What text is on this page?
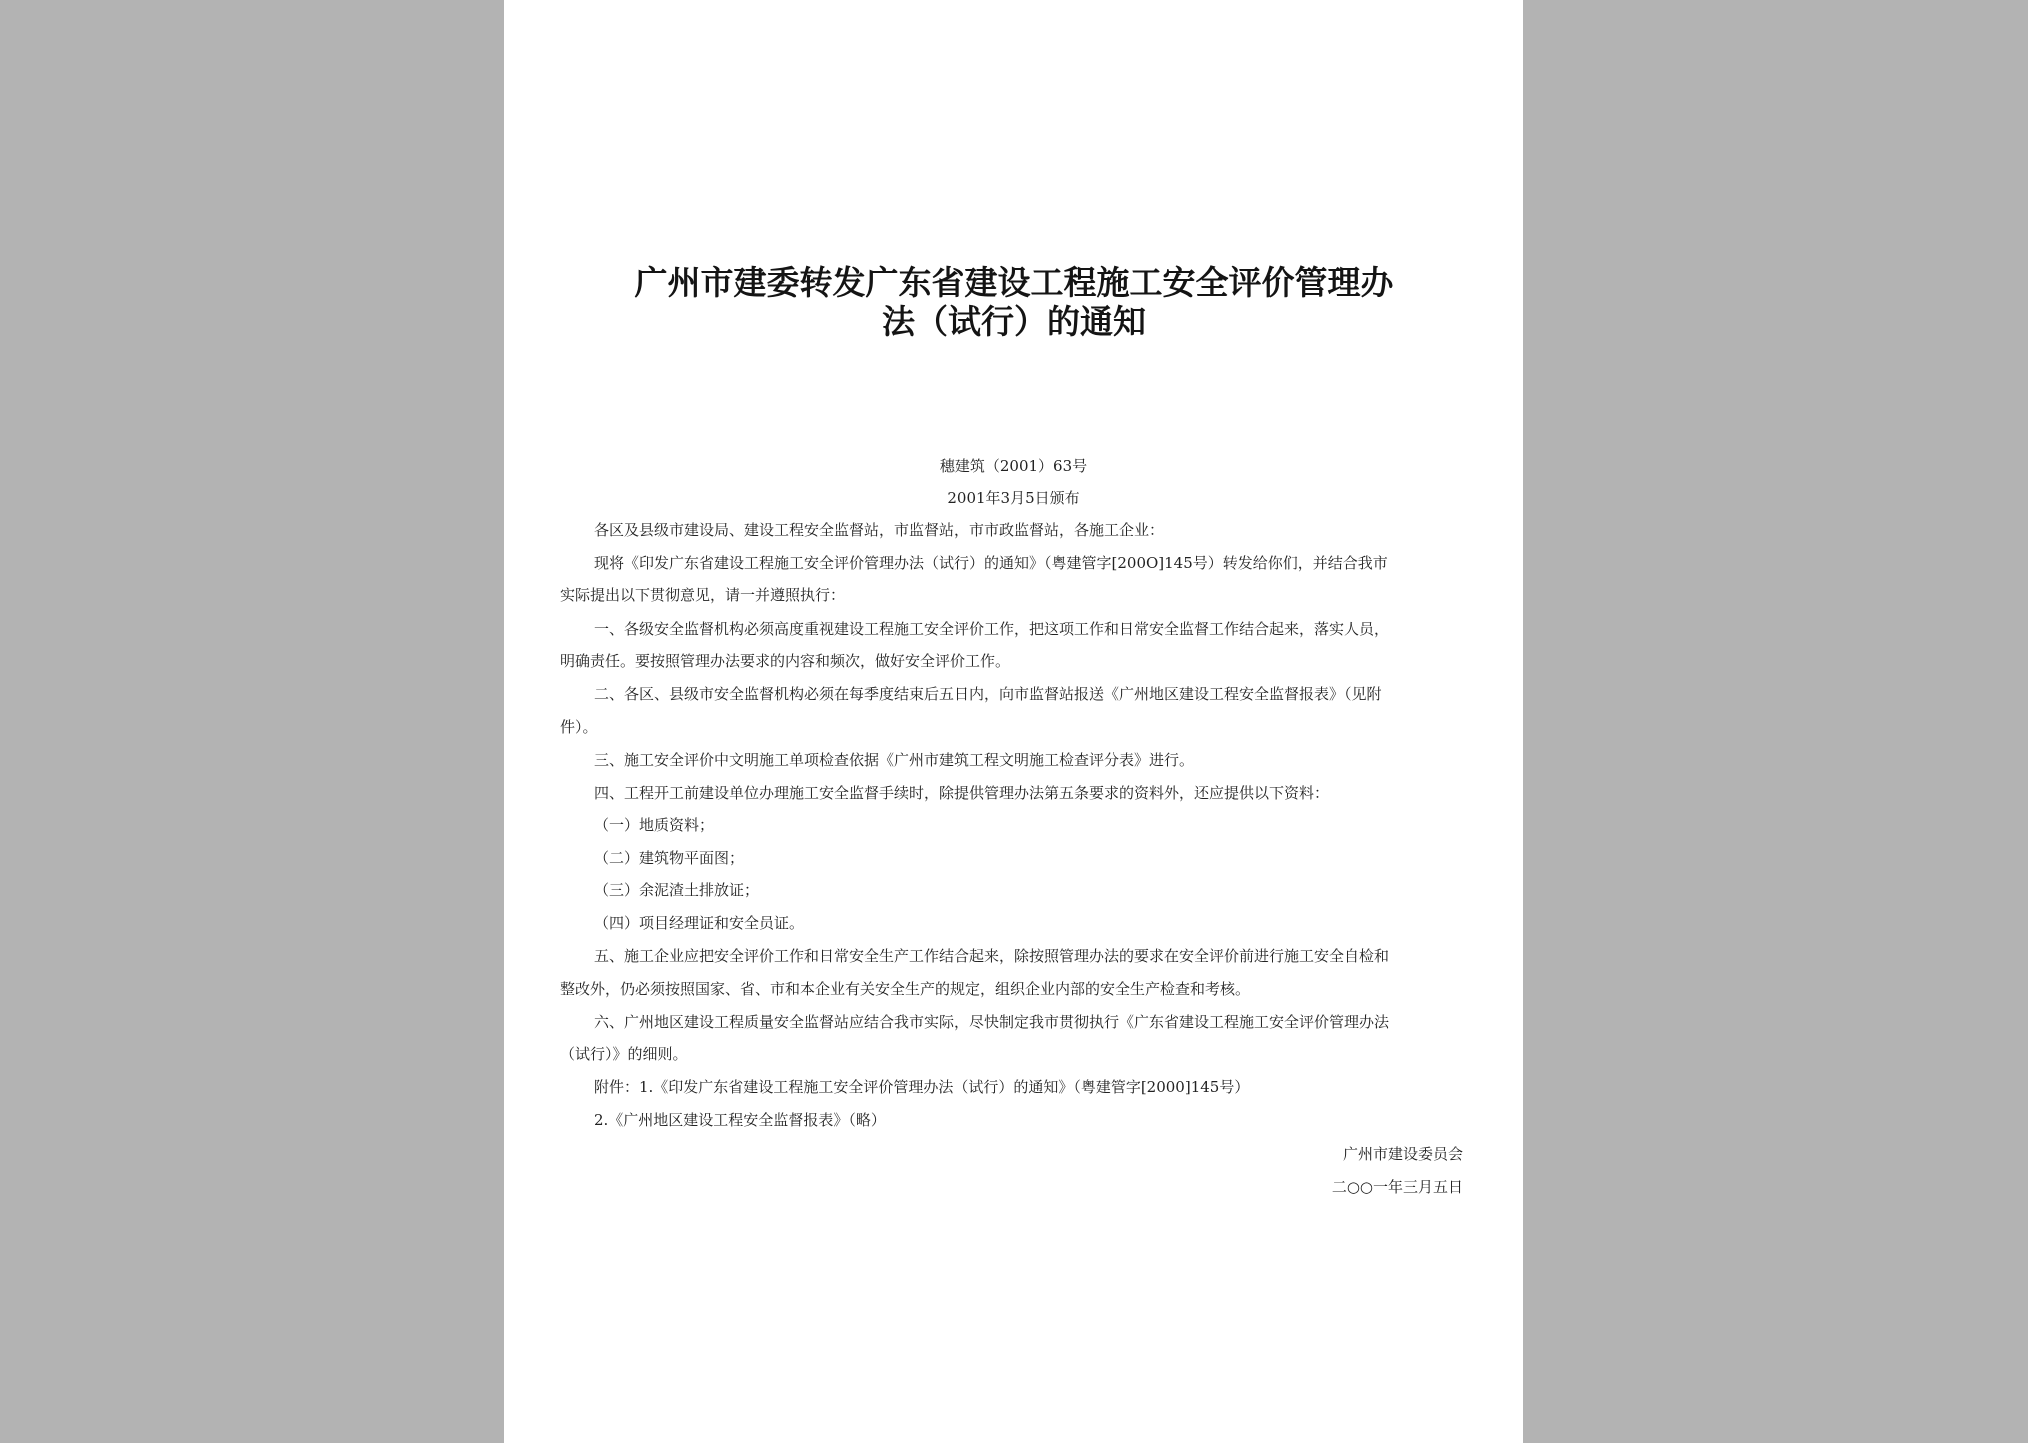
广州市建委转发广东省建设工程施工安全评价管理办
法（试行）的通知
穗建筑（2001）63号
2001年3月5日颁布
各区及县级市建设局、建设工程安全监督站，市监督站，市市政监督站，各施工企业：
现将《印发广东省建设工程施工安全评价管理办法（试行）的通知》（粤建管字[200O]145号）转发给你们，并结合我市
实际提出以下贯彻意见，请一并遵照执行：
一、各级安全监督机构必须高度重视建设工程施工安全评价工作，把这项工作和日常安全监督工作结合起来，落实人员，
明确责任。要按照管理办法要求的内容和频次，做好安全评价工作。
二、各区、县级市安全监督机构必须在每季度结束后五日内，向市监督站报送《广州地区建设工程安全监督报表》（见附
件）。
三、施工安全评价中文明施工单项检查依据《广州市建筑工程文明施工检查评分表》进行。
四、工程开工前建设单位办理施工安全监督手续时，除提供管理办法第五条要求的资料外，还应提供以下资料：
（一）地质资料；
（二）建筑物平面图；
（三）余泥渣土排放证；
（四）项目经理证和安全员证。
五、施工企业应把安全评价工作和日常安全生产工作结合起来，除按照管理办法的要求在安全评价前进行施工安全自检和
整改外，仍必须按照国家、省、市和本企业有关安全生产的规定，组织企业内部的安全生产检查和考核。
六、广州地区建设工程质量安全监督站应结合我市实际，尽快制定我市贯彻执行《广东省建设工程施工安全评价管理办法
（试行）》的细则。
附件：1.《印发广东省建设工程施工安全评价管理办法（试行）的通知》（粤建管字[2000]145号）
2.《广州地区建设工程安全监督报表》（略）
广州市建设委员会
二○○一年三月五日
